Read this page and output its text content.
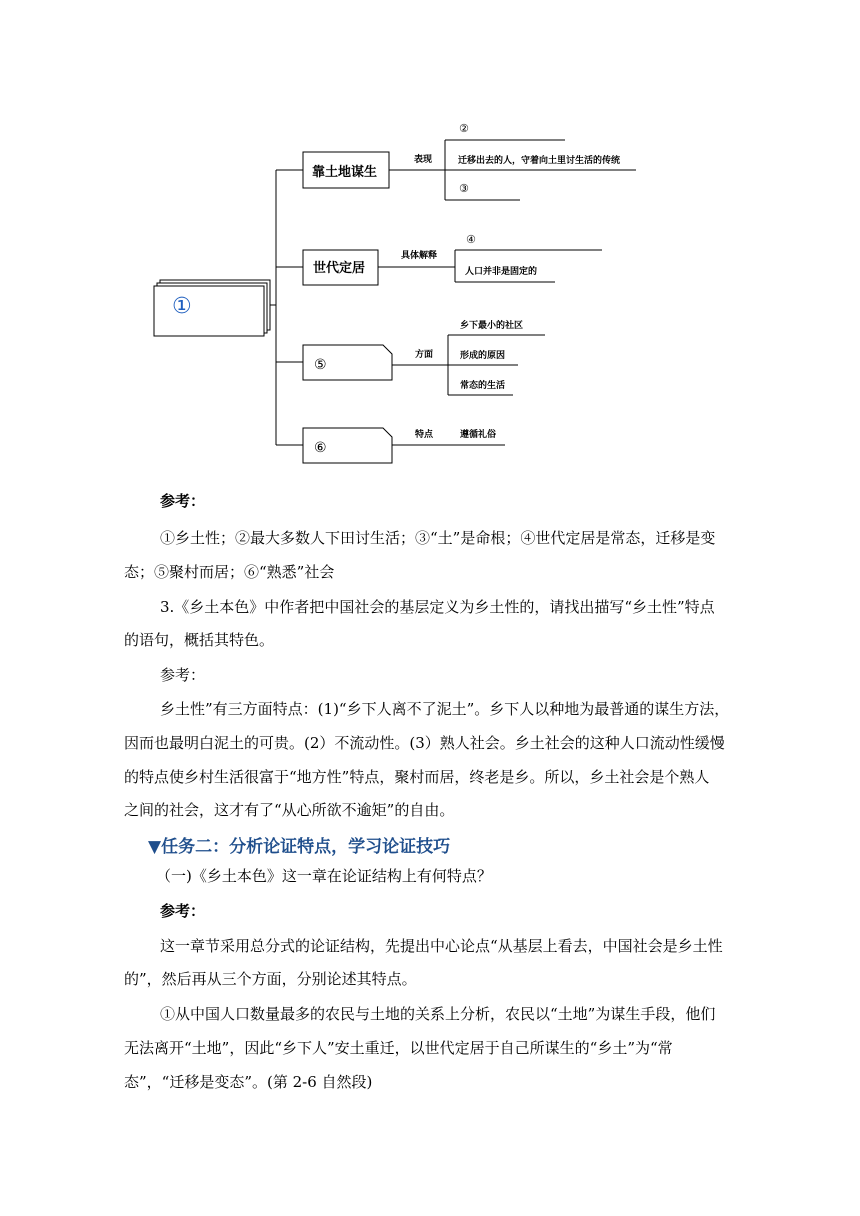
①
靠土地谋生
表现
②
迁移出去的人，守着向土里讨生活的传统
③
世代定居
具体解释
④
人口并非是固定的
⑤
方面
乡下最小的社区
形成的原因
常态的生活
⑥
特点	遵循礼俗
参考：
①乡土性；②最大多数人下田讨生活；③“土”是命根；④世代定居是常态，迁移是变
态；⑤聚村而居；⑥“熟悉”社会
3.《乡土本色》中作者把中国社会的基层定义为乡土性的，请找出描写“乡土性”特点
的语句，概括其特色。
参考：
乡土性”有三方面特点：(1)“乡下人离不了泥土”。乡下人以种地为最普通的谋生方法，
因而也最明白泥土的可贵。(2）不流动性。(3）熟人社会。乡土社会的这种人口流动性缓慢
的特点使乡村生活很富于“地方性”特点，聚村而居，终老是乡。所以，乡土社会是个熟人
之间的社会，这才有了“从心所欲不逾矩”的自由。
▼任务二：分析论证特点，学习论证技巧
（一)《乡土本色》这一章在论证结构上有何特点？
参考：
这一章节采用总分式的论证结构，先提出中心论点“从基层上看去，中国社会是乡土性
的”，然后再从三个方面，分别论述其特点。
①从中国人口数量最多的农民与土地的关系上分析，农民以“土地”为谋生手段，他们
无法离开“土地”，因此“乡下人”安土重迁，以世代定居于自己所谋生的“乡土”为“常
态”，“迁移是变态”。(第 2-6 自然段)
